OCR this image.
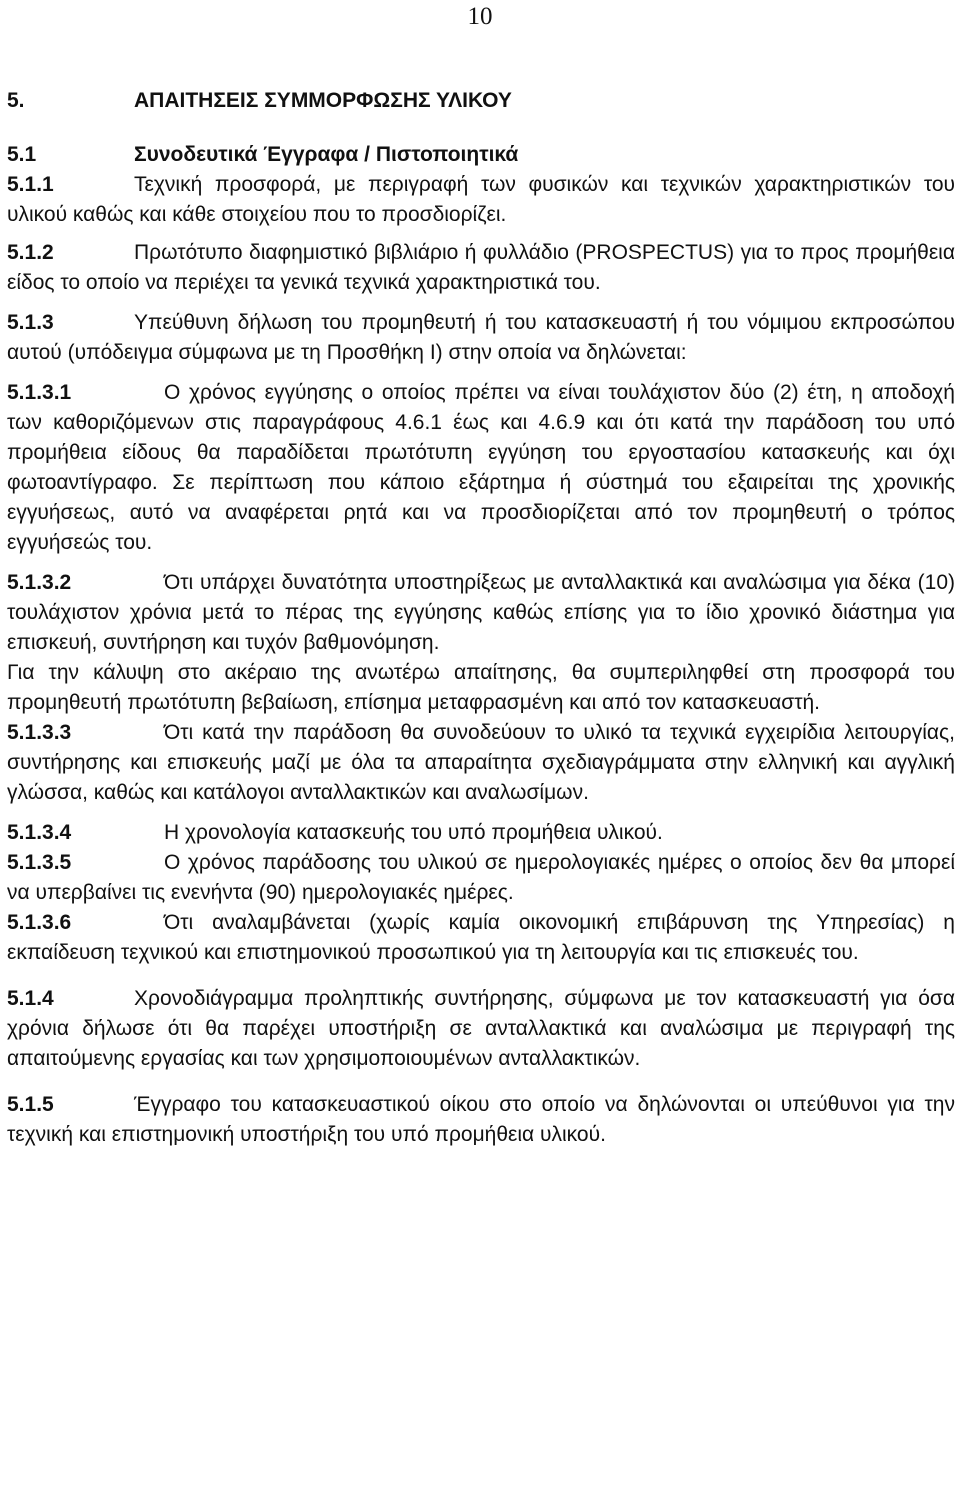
10

5.	ΑΠΑΙΤΗΣΕΙΣ ΣΥΜΜΟΡΦΩΣΗΣ ΥΛΙΚΟΥ

5.1	Συνοδευτικά Έγγραφα / Πιστοποιητικά

5.1.1	Τεχνική προσφορά, με περιγραφή των φυσικών και τεχνικών χαρακτηριστικών του υλικού καθώς και κάθε στοιχείου που το προσδιορίζει.

5.1.2	Πρωτότυπο διαφημιστικό βιβλιάριο ή φυλλάδιο (PROSPECTUS) για το προς προμήθεια είδος το οποίο να περιέχει τα γενικά τεχνικά χαρακτηριστικά του.

5.1.3	Υπεύθυνη δήλωση του προμηθευτή ή του κατασκευαστή ή του νόμιμου εκπροσώπου αυτού (υπόδειγμα σύμφωνα με τη Προσθήκη Ι) στην οποία να δηλώνεται:

5.1.3.1	Ο χρόνος εγγύησης ο οποίος πρέπει να είναι τουλάχιστον δύο (2) έτη, η αποδοχή των καθοριζόμενων στις παραγράφους 4.6.1 έως και 4.6.9 και ότι κατά την παράδοση του υπό προμήθεια είδους θα παραδίδεται πρωτότυπη εγγύηση του εργοστασίου κατασκευής και όχι φωτοαντίγραφο. Σε περίπτωση που κάποιο εξάρτημα ή σύστημά του εξαιρείται της χρονικής εγγυήσεως, αυτό να αναφέρεται ρητά και να προσδιορίζεται από τον προμηθευτή ο τρόπος εγγυήσεώς του.

5.1.3.2	Ότι υπάρχει δυνατότητα υποστηρίξεως με ανταλλακτικά και αναλώσιμα για δέκα (10) τουλάχιστον χρόνια μετά το πέρας της εγγύησης καθώς επίσης για το ίδιο χρονικό διάστημα για επισκευή, συντήρηση και τυχόν βαθμονόμηση.

Για την κάλυψη στο ακέραιο της ανωτέρω απαίτησης, θα συμπεριληφθεί στη προσφορά του προμηθευτή πρωτότυπη βεβαίωση, επίσημα μεταφρασμένη και από τον κατασκευαστή.

5.1.3.3	Ότι κατά την παράδοση θα συνοδεύουν το υλικό τα τεχνικά εγχειρίδια λειτουργίας, συντήρησης και επισκευής μαζί με όλα τα απαραίτητα σχεδιαγράμματα στην ελληνική και αγγλική γλώσσα, καθώς και κατάλογοι ανταλλακτικών και αναλωσίμων.

5.1.3.4	Η χρονολογία κατασκευής του υπό προμήθεια υλικού.

5.1.3.5	Ο χρόνος παράδοσης του υλικού σε ημερολογιακές ημέρες ο οποίος δεν θα μπορεί να υπερβαίνει τις ενενήντα (90) ημερολογιακές ημέρες.

5.1.3.6	Ότι αναλαμβάνεται (χωρίς καμία οικονομική επιβάρυνση της Υπηρεσίας) η εκπαίδευση τεχνικού και επιστημονικού προσωπικού για τη λειτουργία και τις επισκευές του.

5.1.4	Χρονοδιάγραμμα προληπτικής συντήρησης, σύμφωνα με τον κατασκευαστή για όσα χρόνια δήλωσε ότι θα παρέχει υποστήριξη σε ανταλλακτικά και αναλώσιμα με περιγραφή της απαιτούμενης εργασίας και των χρησιμοποιουμένων ανταλλακτικών.

5.1.5	Έγγραφο του κατασκευαστικού οίκου στο οποίο να δηλώνονται οι υπεύθυνοι για την τεχνική και επιστημονική υποστήριξη του υπό προμήθεια υλικού.
